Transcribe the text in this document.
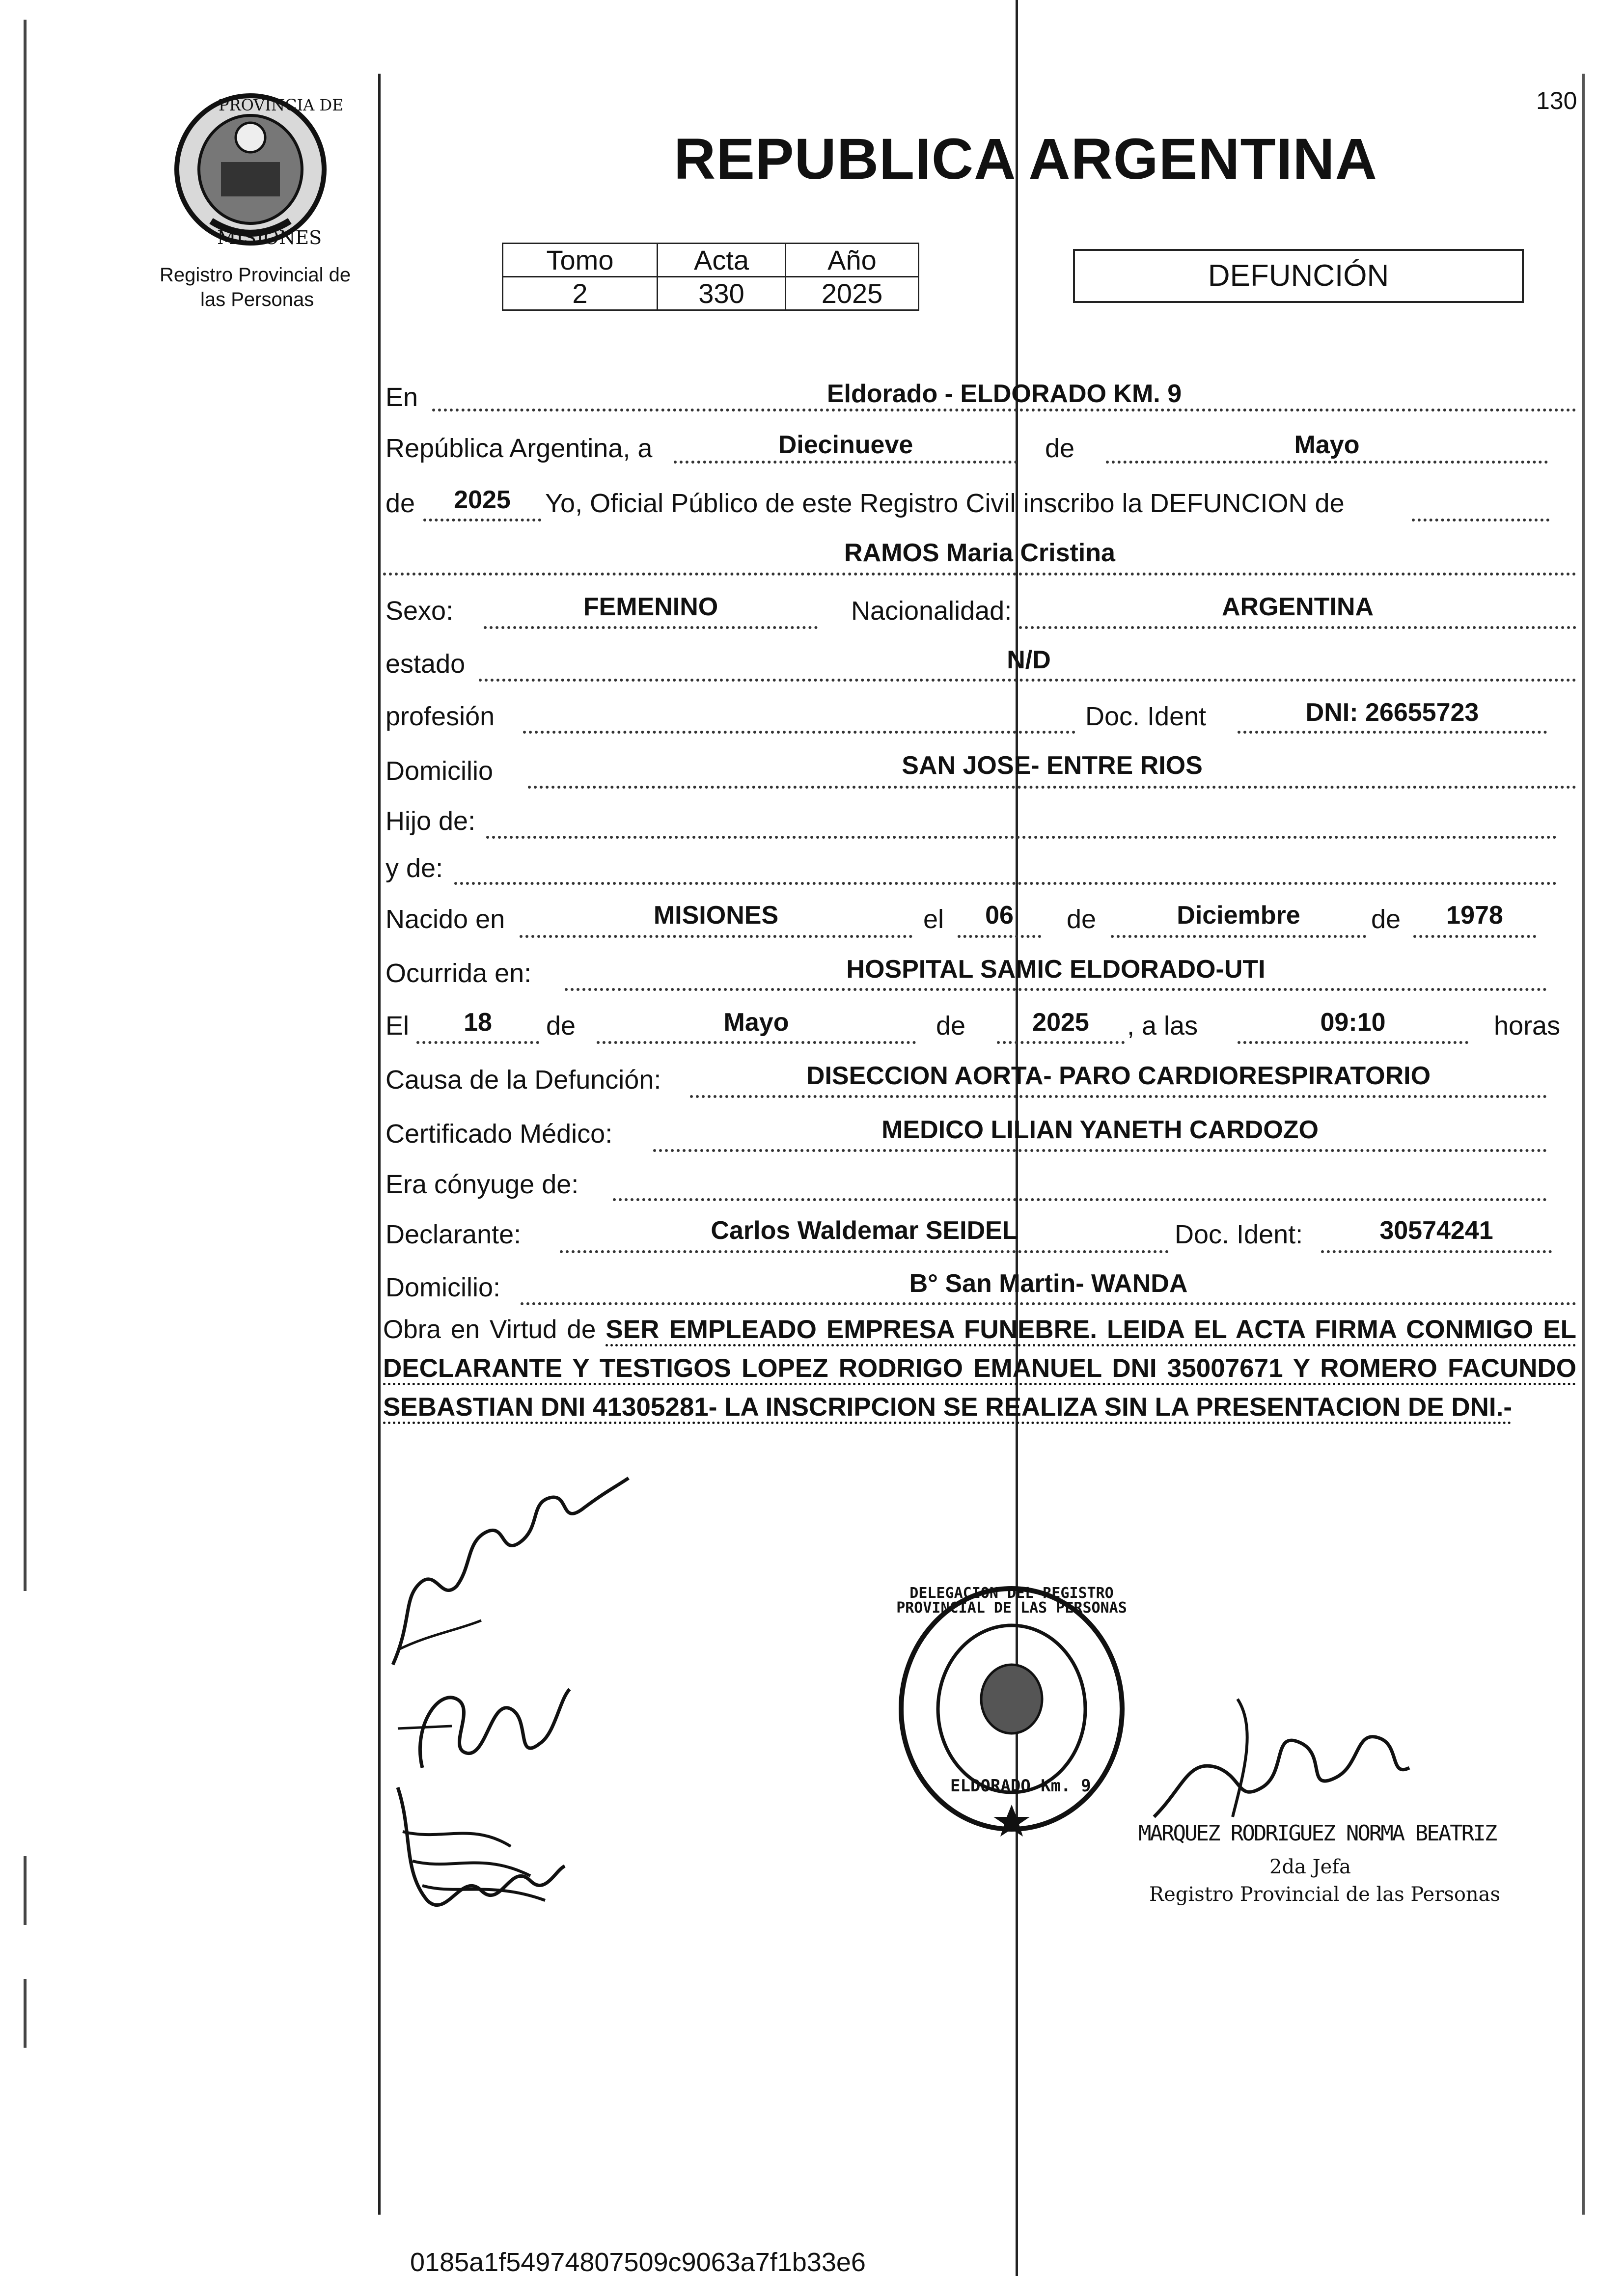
130
PROVINCIA DE
MISIONES
Registro Provincial de
las Personas
REPUBLICA ARGENTINA
Tomo	Acta	Año
2	330	2025
DEFUNCIÓN
En	Eldorado - ELDORADO KM. 9
República Argentina, a	Diecinueve	de	Mayo
de	2025	Yo, Oficial Público de este Registro Civil inscribo la DEFUNCION de
RAMOS Maria Cristina
Sexo:	FEMENINO	Nacionalidad:	ARGENTINA
estado	N/D
profesión	Doc. Ident	DNI: 26655723
Domicilio	SAN JOSE- ENTRE RIOS
Hijo de:
y de:
Nacido en	MISIONES	el	06	de	Diciembre	de	1978
Ocurrida en:	HOSPITAL SAMIC ELDORADO-UTI
El	18	de	Mayo	de	2025	, a las	09:10	horas
Causa de la Defunción:	DISECCION AORTA- PARO CARDIORESPIRATORIO
Certificado Médico:	MEDICO LILIAN YANETH CARDOZO
Era cónyuge de:
Declarante:	Carlos Waldemar SEIDEL	Doc. Ident:	30574241
Domicilio:	B° San Martin- WANDA
Obra en Virtud de SER EMPLEADO EMPRESA FUNEBRE. LEIDA EL ACTA FIRMA CONMIGO EL DECLARANTE Y TESTIGOS LOPEZ RODRIGO EMANUEL DNI 35007671 Y ROMERO FACUNDO SEBASTIAN DNI 41305281- LA INSCRIPCION SE REALIZA SIN LA PRESENTACION DE DNI.-
DELEGACION DEL REGISTRO PROVINCIAL DE LAS PERSONAS
ELDORADO Km. 9
MARQUEZ RODRIGUEZ NORMA BEATRIZ
2da Jefa
Registro Provincial de las Personas
0185a1f54974807509c9063a7f1b33e6
